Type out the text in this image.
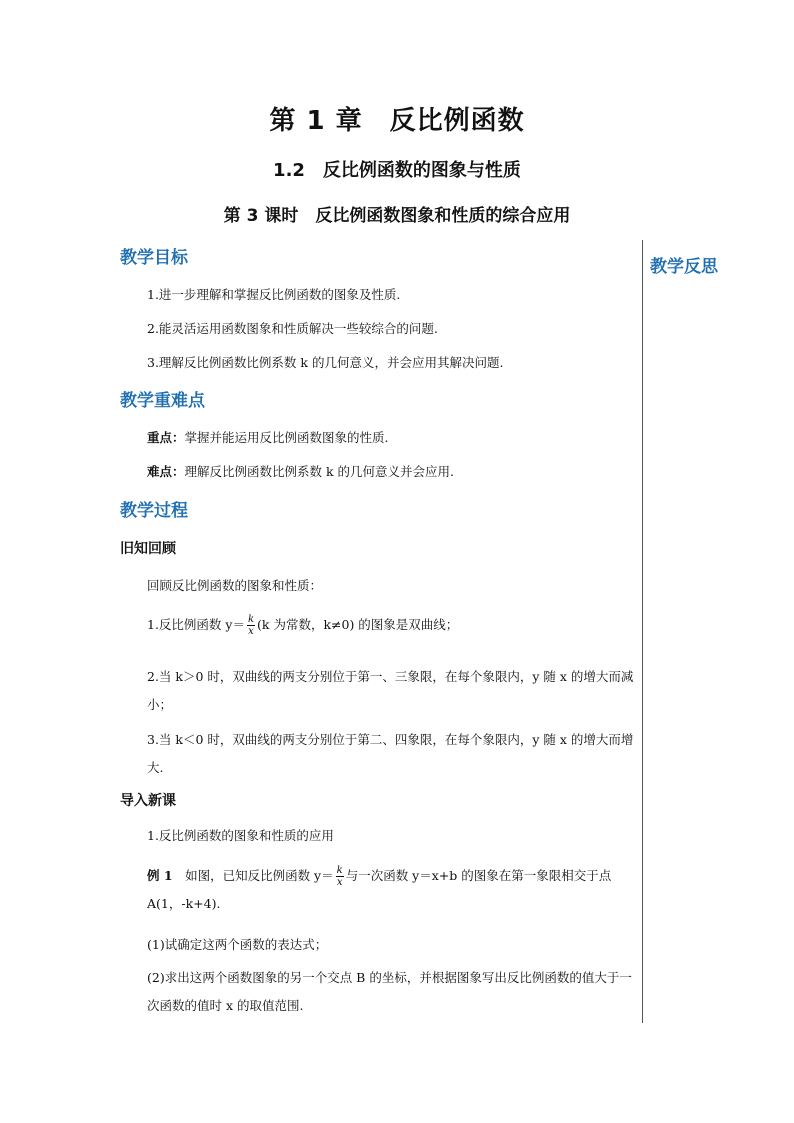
第 1 章　反比例函数
1.2　反比例函数的图象与性质
第 3 课时　反比例函数图象和性质的综合应用
教学反思
教学目标
1.进一步理解和掌握反比例函数的图象及性质.
2.能灵活运用函数图象和性质解决一些较综合的问题.
3.理解反比例函数比例系数 k 的几何意义，并会应用其解决问题.
教学重难点
重点：掌握并能运用反比例函数图象的性质.
难点：理解反比例函数比例系数 k 的几何意义并会应用.
教学过程
旧知回顾
回顾反比例函数的图象和性质：
1.反比例函数 $y= \frac{k}{x} (k$ 为常数，k≠0) 的图象是双曲线；
2.当 k＞0 时，双曲线的两支分别位于第一、三象限，在每个象限内，y 随 x 的增大而减小；
3.当 k＜0 时，双曲线的两支分别位于第二、四象限，在每个象限内，y 随 x 的增大而增大.
导入新课
1.反比例函数的图象和性质的应用
例 1　 如图，已知反比例函数 $y= \frac{k}{x}$ 与一次函数 y＝x+b 的图象在第一象限相交于点 A(1，-k+4).
(1)试确定这两个函数的表达式；
(2)求出这两个函数图象的另一个交点 B 的坐标，并根据图象写出反比例函数的值大于一次函数的值时 x 的取值范围.
